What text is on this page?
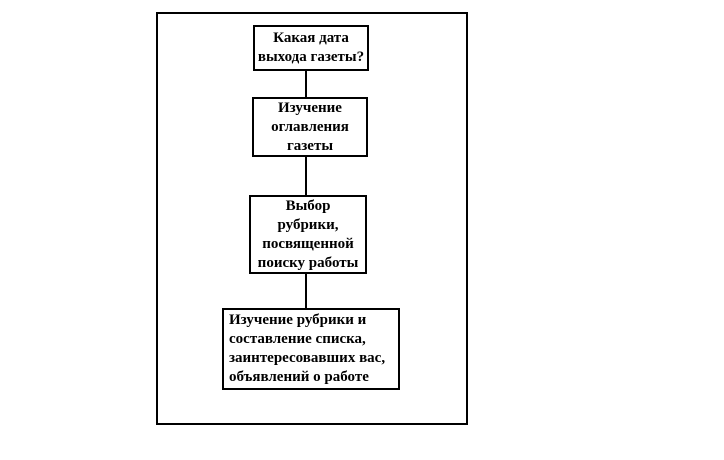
Какая дата
выхода газеты?
Изучение
оглавления
газеты
Выбор
рубрики,
посвященной
поиску работы
Изучение рубрики и
составление списка,
заинтересовавших вас,
объявлений о работе
